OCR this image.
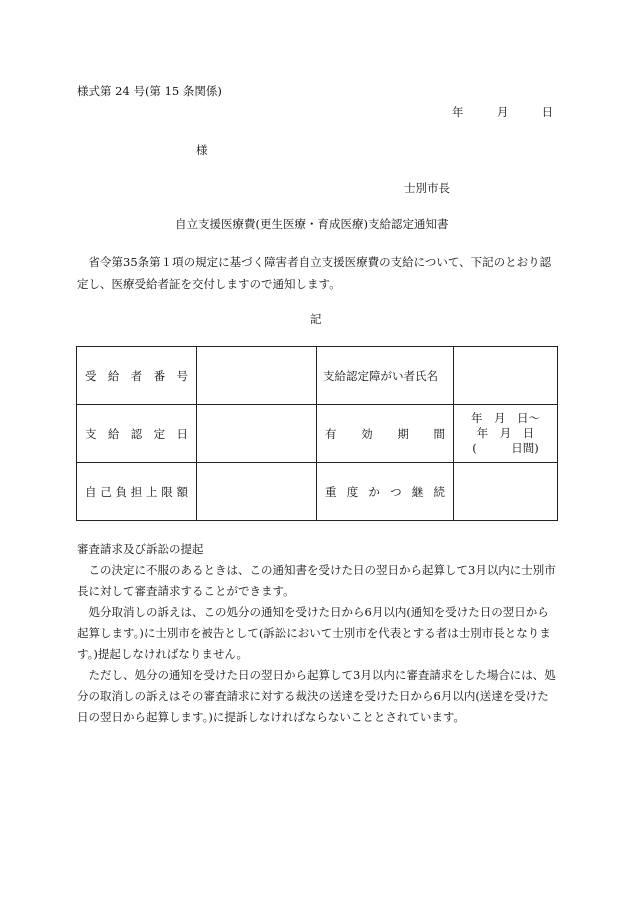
様式第 24 号(第 15 条関係)
年	月	日
様
士別市長
自立支援医療費(更生医療・育成医療)支給認定通知書
省令第35条第１項の規定に基づく障害者自立支援医療費の支給について、下記のとおり認定し、医療受給者証を交付しますので通知します。
記
受給者番号		支給認定障がい者氏名	
支給認定日		有効期間	年　月　日～
年　月　日
(　　　日間)

自己負担上限額		重度かつ継続	

審査請求及び訴訟の提起

この決定に不服のあるときは、この通知書を受けた日の翌日から起算して3月以内に士別市長に対して審査請求することができます。

処分取消しの訴えは、この処分の通知を受けた日から6月以内(通知を受けた日の翌日から起算します。)に士別市を被告として(訴訟において士別市を代表とする者は士別市長となります。)提起しなければなりません。

ただし、処分の通知を受けた日の翌日から起算して3月以内に審査請求をした場合には、処分の取消しの訴えはその審査請求に対する裁決の送達を受けた日から6月以内(送達を受けた日の翌日から起算します。)に提訴しなければならないこととされています。
